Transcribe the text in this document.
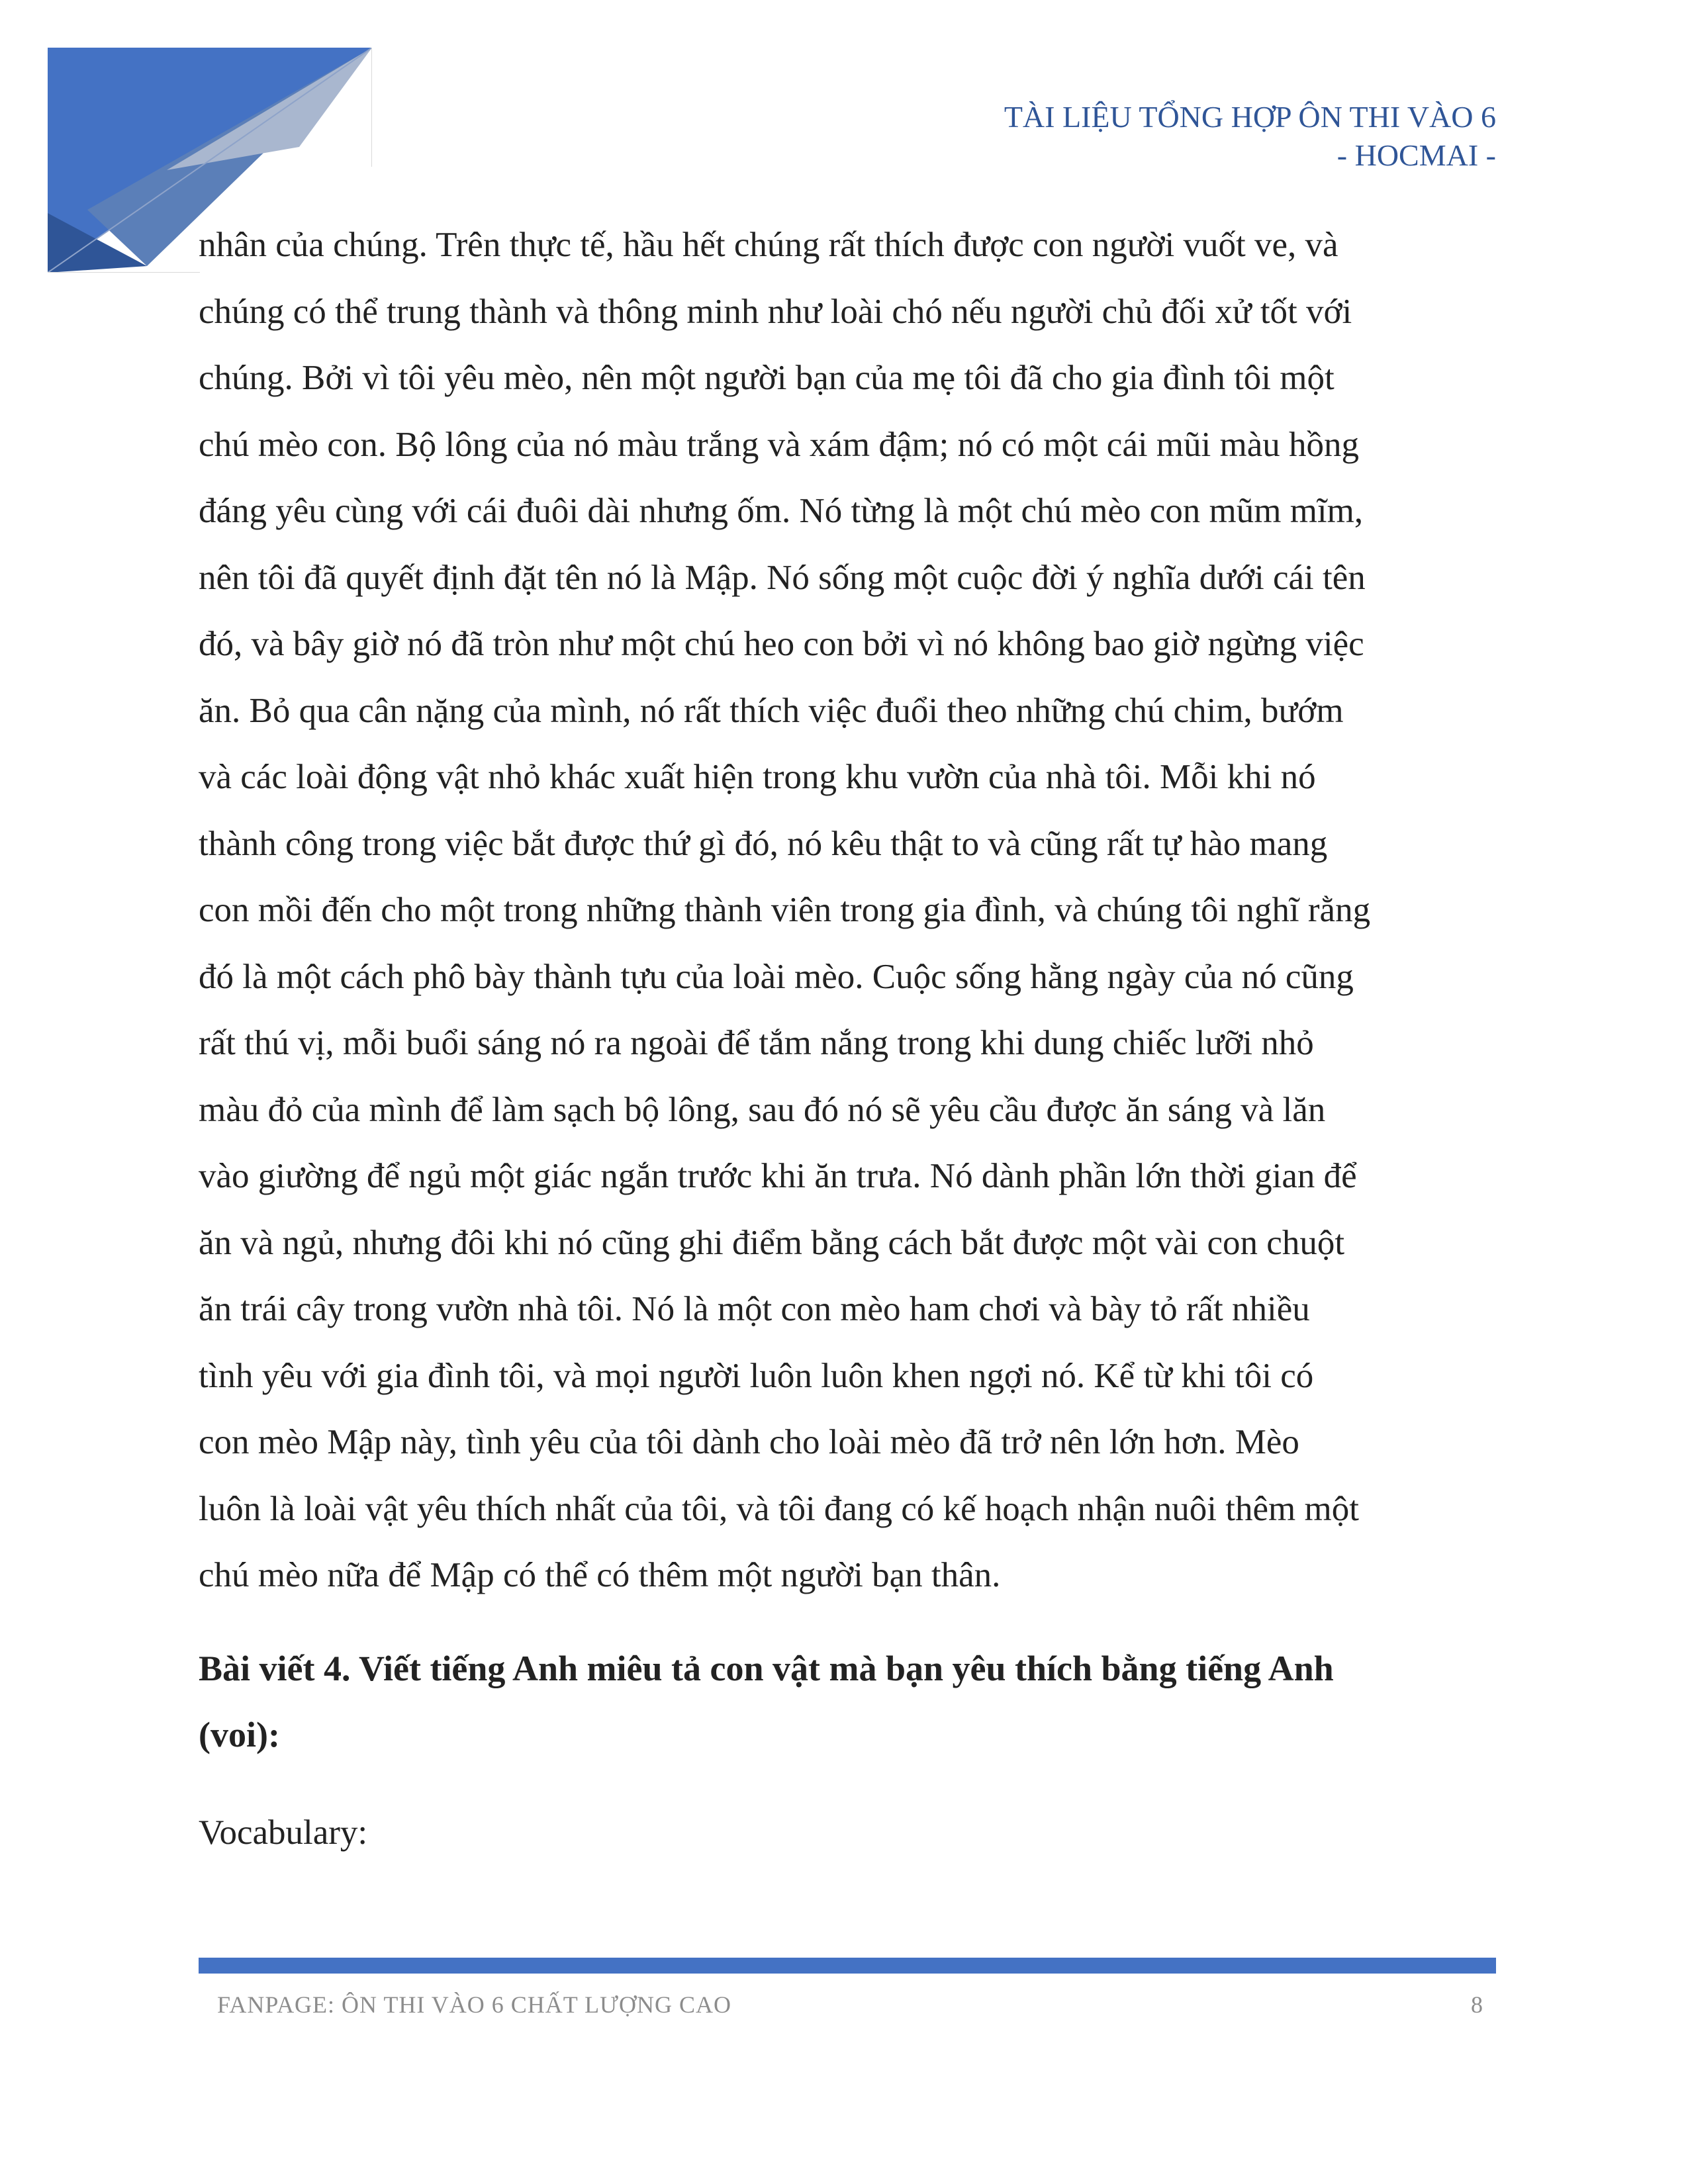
TÀI LIỆU TỔNG HỢP ÔN THI VÀO 6
- HOCMAI -
nhân của chúng. Trên thực tế, hầu hết chúng rất thích được con người vuốt ve, và
chúng có thể trung thành và thông minh như loài chó nếu người chủ đối xử tốt với
chúng. Bởi vì tôi yêu mèo, nên một người bạn của mẹ tôi đã cho gia đình tôi một
chú mèo con. Bộ lông của nó màu trắng và xám đậm; nó có một cái mũi màu hồng
đáng yêu cùng với cái đuôi dài nhưng ốm. Nó từng là một chú mèo con mũm mĩm,
nên tôi đã quyết định đặt tên nó là Mập. Nó sống một cuộc đời ý nghĩa dưới cái tên
đó, và bây giờ nó đã tròn như một chú heo con bởi vì nó không bao giờ ngừng việc
ăn. Bỏ qua cân nặng của mình, nó rất thích việc đuổi theo những chú chim, bướm
và các loài động vật nhỏ khác xuất hiện trong khu vườn của nhà tôi. Mỗi khi nó
thành công trong việc bắt được thứ gì đó, nó kêu thật to và cũng rất tự hào mang
con mồi đến cho một trong những thành viên trong gia đình, và chúng tôi nghĩ rằng
đó là một cách phô bày thành tựu của loài mèo. Cuộc sống hằng ngày của nó cũng
rất thú vị, mỗi buổi sáng nó ra ngoài để tắm nắng trong khi dung chiếc lưỡi nhỏ
màu đỏ của mình để làm sạch bộ lông, sau đó nó sẽ yêu cầu được ăn sáng và lăn
vào giường để ngủ một giác ngắn trước khi ăn trưa. Nó dành phần lớn thời gian để
ăn và ngủ, nhưng đôi khi nó cũng ghi điểm bằng cách bắt được một vài con chuột
ăn trái cây trong vườn nhà tôi. Nó là một con mèo ham chơi và bày tỏ rất nhiều
tình yêu với gia đình tôi, và mọi người luôn luôn khen ngợi nó. Kể từ khi tôi có
con mèo Mập này, tình yêu của tôi dành cho loài mèo đã trở nên lớn hơn. Mèo
luôn là loài vật yêu thích nhất của tôi, và tôi đang có kế hoạch nhận nuôi thêm một
chú mèo nữa để Mập có thể có thêm một người bạn thân.
Bài viết 4. Viết tiếng Anh miêu tả con vật mà bạn yêu thích bằng tiếng Anh
(voi):
Vocabulary:
FANPAGE: ÔN THI VÀO 6 CHẤT LƯỢNG CAO	8
